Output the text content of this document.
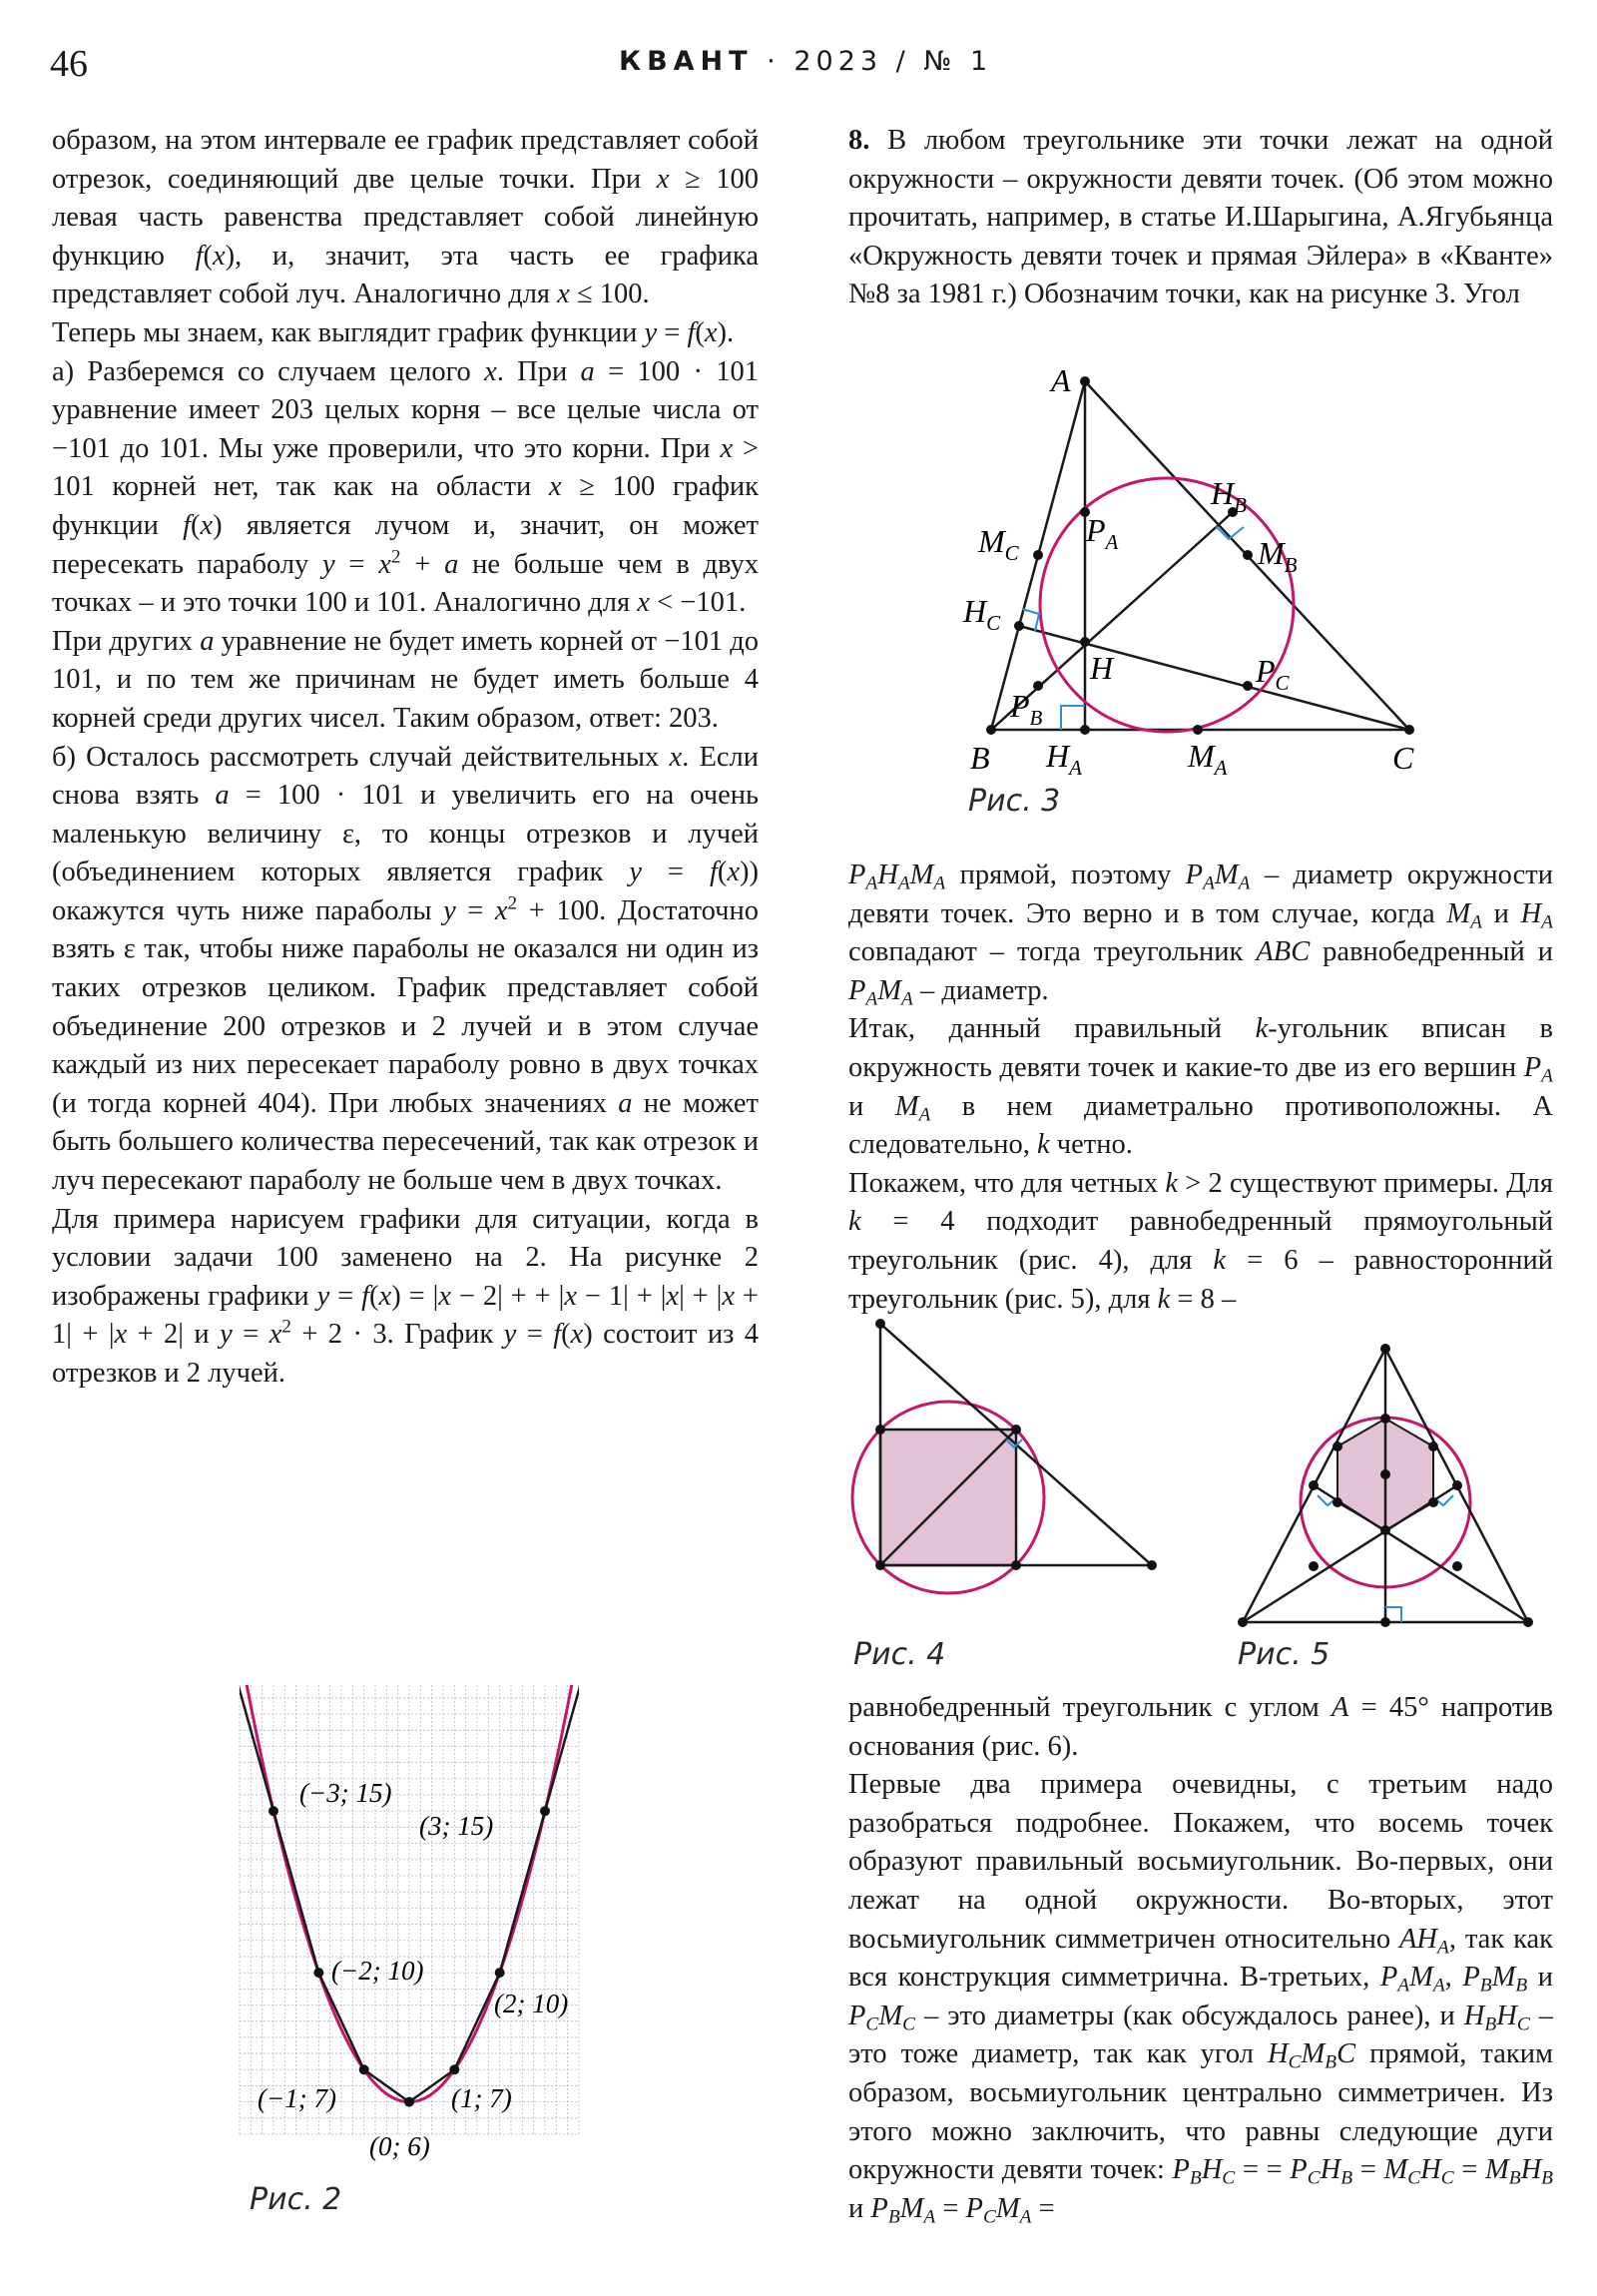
46	КВАНТ · 2023 / № 1

образом, на этом интервале ее график представляет собой отрезок, соединяющий две целые точки. При x ≥ 100 левая часть равенства представляет собой линейную функцию f(x), и, значит, эта часть ее графика представляет собой луч. Аналогично для x ≤ 100.

Теперь мы знаем, как выглядит график функции y = f(x).

а) Разберемся со случаем целого x. При a = 100 · 101 уравнение имеет 203 целых корня – все целые числа от −101 до 101. Мы уже проверили, что это корни. При x > 101 корней нет, так как на области x ≥ 100 график функции f(x) является лучом и, значит, он может пересекать параболу $y = x^2 + a$ не больше чем в двух точках – и это точки 100 и 101. Аналогично для x < −101.

При других a уравнение не будет иметь корней от −101 до 101, и по тем же причинам не будет иметь больше 4 корней среди других чисел. Таким образом, ответ: 203.

б) Осталось рассмотреть случай действительных x. Если снова взять a = 100 · 101 и увеличить его на очень маленькую величину ε, то концы отрезков и лучей (объединением которых является график y = f(x)) окажутся чуть ниже параболы $y = x^2 + 100$. Достаточно взять ε так, чтобы ниже параболы не оказался ни один из таких отрезков целиком. График представляет собой объединение 200 отрезков и 2 лучей и в этом случае каждый из них пересекает параболу ровно в двух точках (и тогда корней 404). При любых значениях a не может быть большего количества пересечений, так как отрезок и луч пересекают параболу не больше чем в двух точках.

Для примера нарисуем графики для ситуации, когда в условии задачи 100 заменено на 2. На рисунке 2 изображены графики y = f(x) = |x − 2| + + |x − 1| + |x| + |x + 1| + |x + 2| и $y = x^2 + 2 \cdot 3$. График y = f(x) состоит из 4 отрезков и 2 лучей.

(−3; 15)
(3; 15)
(−2; 10)
(2; 10)
(−1; 7)	(1; 7)
(0; 6)
Рис. 2

8. В любом треугольнике эти точки лежат на одной окружности – окружности девяти точек. (Об этом можно прочитать, например, в статье И.Шарыгина, А.Ягубьянца «Окружность девяти точек и прямая Эйлера» в «Кванте» №8 за 1981 г.) Обозначим точки, как на рисунке 3. Угол

A
B	C
H
$P_A$
$H_B$
$M_B$
$M_C$
$H_C$
$P_C$
$P_B$
$H_A$	$M_A$
Рис. 3

$P_AH_AM_A$ прямой, поэтому $P_AM_A$ – диаметр окружности девяти точек. Это верно и в том случае, когда $M_A$ и $H_A$ совпадают – тогда треугольник ABC равнобедренный и $P_AM_A$ – диаметр.

Итак, данный правильный k-угольник вписан в окружность девяти точек и какие-то две из его вершин $P_A$ и $M_A$ в нем диаметрально противоположны. А следовательно, k четно.

Покажем, что для четных k > 2 существуют примеры. Для k = 4 подходит равнобедренный прямоугольный треугольник (рис. 4), для k = 6 – равносторонний треугольник (рис. 5), для k = 8 –

Рис. 4	Рис. 5

равнобедренный треугольник с углом A = 45° напротив основания (рис. 6).

Первые два примера очевидны, с третьим надо разобраться подробнее. Покажем, что восемь точек образуют правильный восьмиугольник. Во-первых, они лежат на одной окружности. Во-вторых, этот восьмиугольник симметричен относительно $AH_A$, так как вся конструкция симметрична. В-третьих, $P_AM_A$, $P_BM_B$ и $P_CM_C$ – это диаметры (как обсуждалось ранее), и $H_BH_C$ – это тоже диаметр, так как угол $H_CM_BC$ прямой, таким образом, восьмиугольник центрально симметричен. Из этого можно заключить, что равны следующие дуги окружности девяти точек: $P_BH_C$ = = $P_CH_B = M_CH_C = M_BH_B$ и $P_BM_A = P_CM_A$ =
